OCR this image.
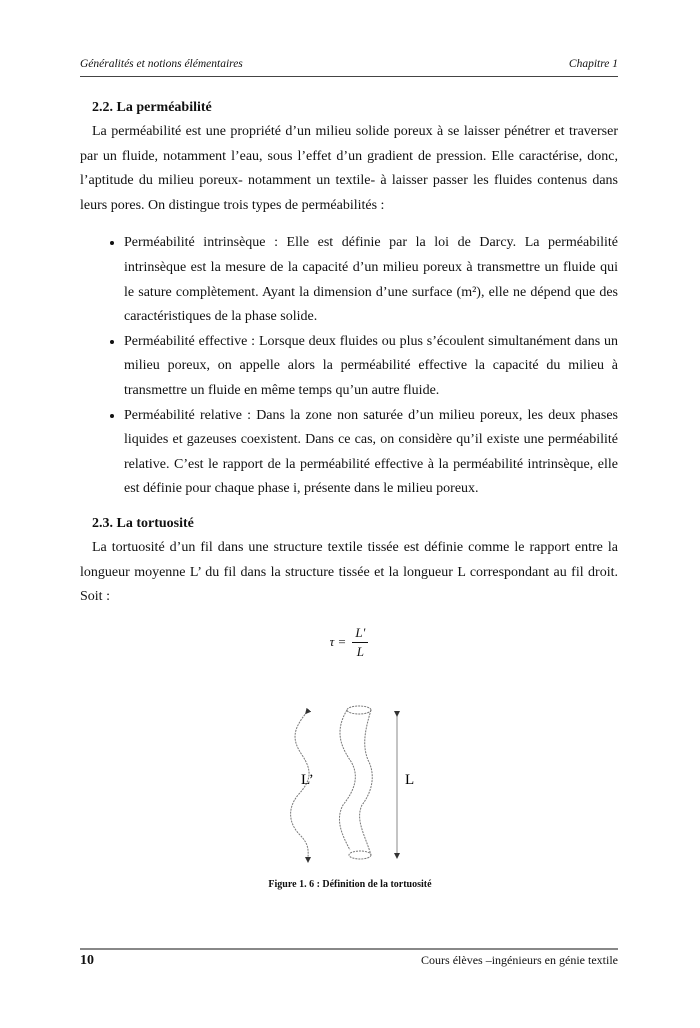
Généralités et notions élémentaires	Chapitre 1
2.2. La perméabilité

La perméabilité est une propriété d’un milieu solide poreux à se laisser pénétrer et traverser par un fluide, notamment l’eau, sous l’effet d’un gradient de pression. Elle caractérise, donc, l’aptitude du milieu poreux- notamment un textile- à laisser passer les fluides contenus dans leurs pores. On distingue trois types de perméabilités :

• Perméabilité intrinsèque : Elle est définie par la loi de Darcy. La perméabilité intrinsèque est la mesure de la capacité d’un milieu poreux à transmettre un fluide qui le sature complètement. Ayant la dimension d’une surface (m²), elle ne dépend que des caractéristiques de la phase solide.
• Perméabilité effective : Lorsque deux fluides ou plus s’écoulent simultanément dans un milieu poreux, on appelle alors la perméabilité effective la capacité du milieu à transmettre un fluide en même temps qu’un autre fluide.
• Perméabilité relative : Dans la zone non saturée d’un milieu poreux, les deux phases liquides et gazeuses coexistent. Dans ce cas, on considère qu’il existe une perméabilité relative. C’est le rapport de la perméabilité effective à la perméabilité intrinsèque, elle est définie pour chaque phase i, présente dans le milieu poreux.
2.3. La tortuosité

La tortuosité d’un fil dans une structure textile tissée est définie comme le rapport entre la longueur moyenne L’ du fil dans la structure tissée et la longueur L correspondant au fil droit. Soit :

$\tau = \frac{L'}{L}$
L’	L
Figure 1. 6 : Définition de la tortuosité
10	Cours élèves –ingénieurs en génie textile
